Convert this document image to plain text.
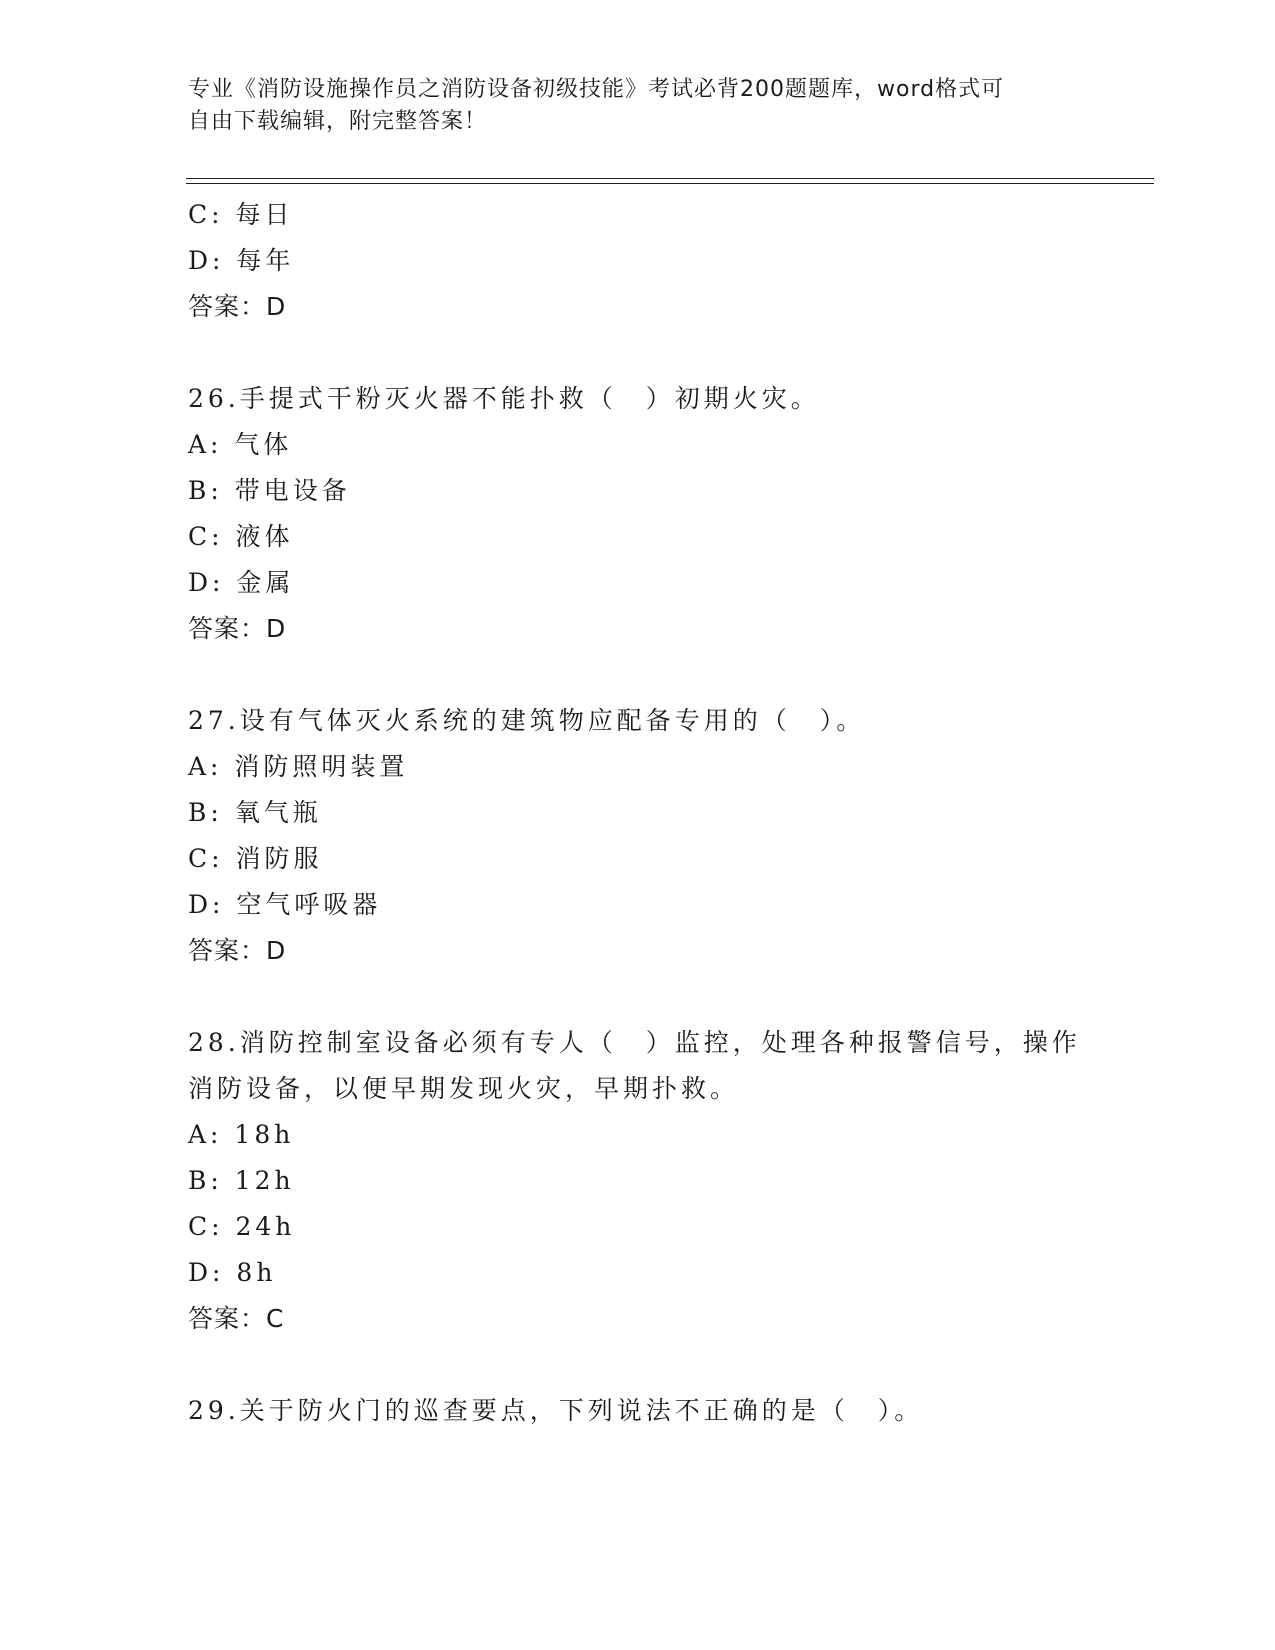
专业《消防设施操作员之消防设备初级技能》考试必背200题题库，word格式可
自由下载编辑，附完整答案！
C: 每日
D: 每年
答案：D
26.手提式干粉灭火器不能扑救（　）初期火灾。
A: 气体
B: 带电设备
C: 液体
D: 金属
答案：D
27.设有气体灭火系统的建筑物应配备专用的（　）。
A: 消防照明装置
B: 氧气瓶
C: 消防服
D: 空气呼吸器
答案：D
28.消防控制室设备必须有专人（　）监控，处理各种报警信号，操作
消防设备，以便早期发现火灾，早期扑救。
A: 18h
B: 12h
C: 24h
D: 8h
答案：C
29.关于防火门的巡查要点，下列说法不正确的是（　）。
